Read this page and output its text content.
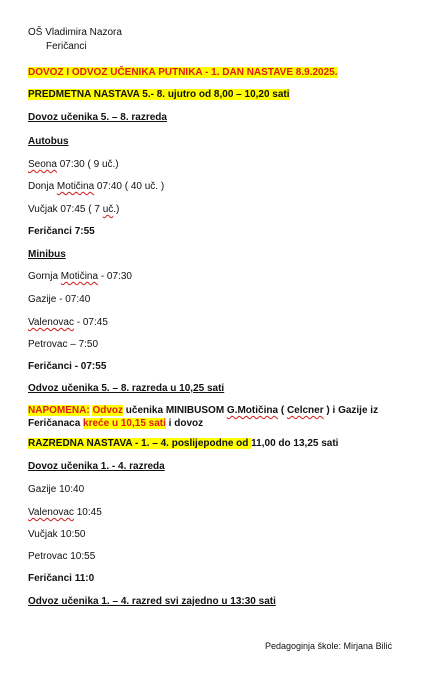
OŠ Vladimira Nazora
Feričanci
DOVOZ I ODVOZ UČENIKA PUTNIKA - 1. DAN NASTAVE 8.9.2025.
PREDMETNA NASTAVA 5.- 8. ujutro od 8,00 – 10,20 sati
Dovoz učenika 5. – 8. razreda
Autobus
Seona 07:30 ( 9 uč.)
Donja Motičina 07:40 ( 40 uč. )
Vučjak 07:45 ( 7 uč.)
Feričanci 7:55
Minibus
Gornja Motičina - 07:30
Gazije - 07:40
Valenovac - 07:45
Petrovac – 7:50
Feričanci - 07:55
Odvoz učenika 5. – 8. razreda u 10,25 sati
NAPOMENA: Odvoz učenika MINIBUSOM G.Motičina ( Celcner ) i Gazije iz
Feričanaca kreće u 10,15 sati i dovoz
RAZREDNA NASTAVA - 1. – 4. poslijepodne od 11,00 do 13,25 sati
Dovoz učenika 1. - 4. razreda
Gazije 10:40
Valenovac 10:45
Vučjak 10:50
Petrovac 10:55
Feričanci 11:0
Odvoz učenika 1. – 4. razred svi zajedno u 13:30 sati
Pedagoginja škole: Mirjana Bilić
